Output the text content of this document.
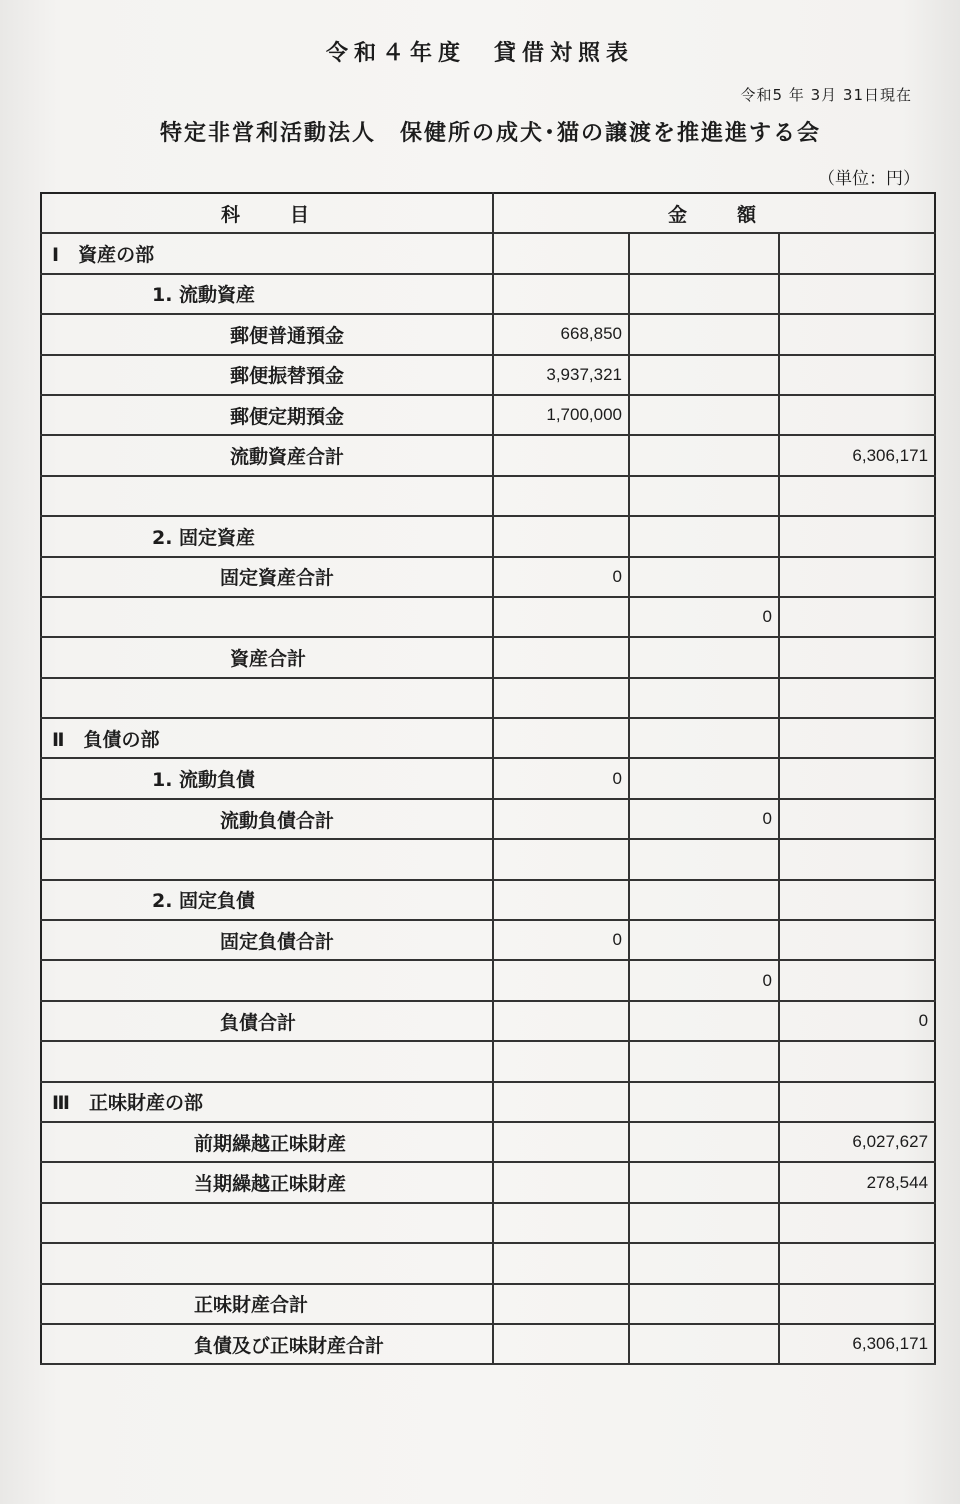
令和４年度　貸借対照表
令和5 年 3月 31日現在
特定非営利活動法人　保健所の成犬･猫の譲渡を推進進する会
（単位：円）
科　　目	金　　額		
Ⅰ　資産の部			
1. 流動資産			
郵便普通預金	668,850		
郵便振替預金	3,937,321		
郵便定期預金	1,700,000		
流動資産合計			6,306,171

2. 固定資産			
固定資産合計	0		
		0	
資産合計			

Ⅱ　負債の部			
1. 流動負債	0		
流動負債合計		0	

2. 固定負債			
固定負債合計	0		
		0	
負債合計			0

Ⅲ　正味財産の部			
前期繰越正味財産			6,027,627
当期繰越正味財産			278,544

正味財産合計			
負債及び正味財産合計			6,306,171
